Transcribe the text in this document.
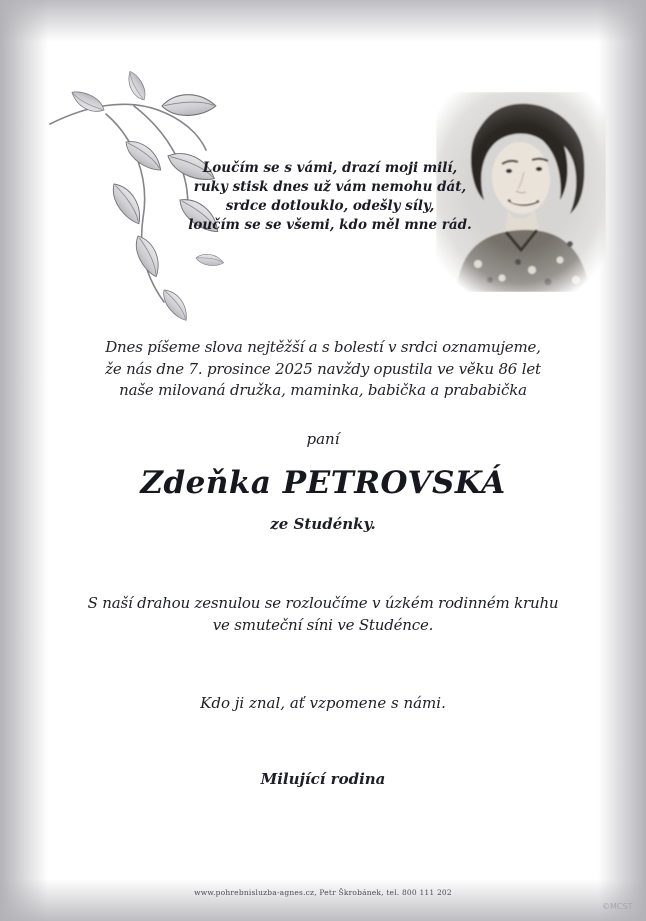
Loučím se s vámi, drazí moji milí,
ruky stisk dnes už vám nemohu dát,
srdce dotlouklo, odešly síly,
loučím se se všemi, kdo měl mne rád.
Dnes píšeme slova nejtěžší a s bolestí v srdci oznamujeme,
že nás dne 7. prosince 2025 navždy opustila ve věku 86 let
naše milovaná družka, maminka, babička a prababička
paní
Zdeňka PETROVSKÁ
ze Studénky.
S naší drahou zesnulou se rozloučíme v úzkém rodinném kruhu
ve smuteční síni ve Studénce.
Kdo ji znal, ať vzpomene s námi.
Milující rodina
www.pohrebnisluzba-agnes.cz, Petr Škrobánek, tel. 800 111 202
©MCST
